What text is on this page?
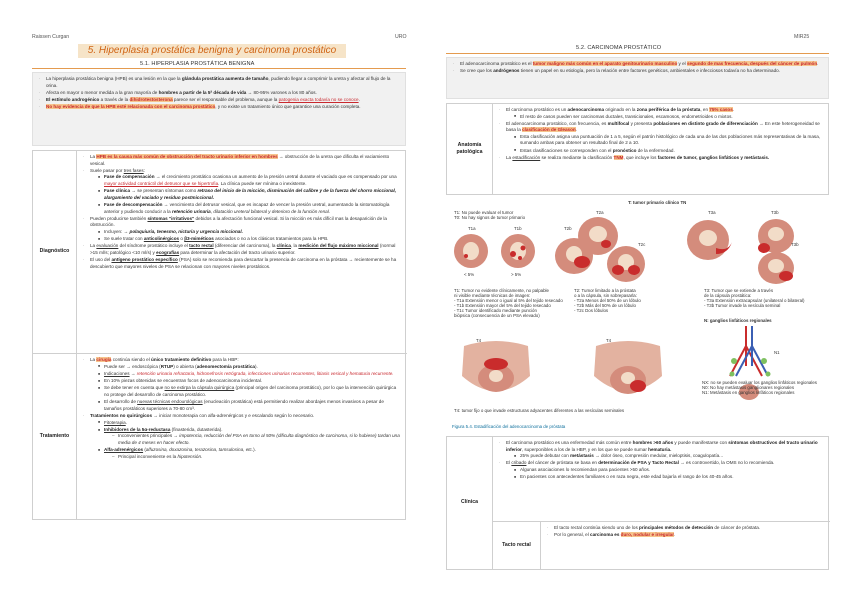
Raissen Curgan	URO
5. Hiperplasia prostática benigna y carcinoma prostático
5.1. HIPERPLASIA PROSTÁTICA BENIGNA
· La hiperplasia prostática benigna (HPB) es una lesión en la que la glándula prostática aumenta de tamaño, pudiendo llegar a comprimir la uretra y afectar al flujo de la orina.
· Afecta en mayor o menor medida a la gran mayoría de hombres a partir de la 5ª década de vida → 80-95% varones a los 80 años.
· El estímulo androgénico a través de la dihidrotestosterona parece ser el responsable del problema, aunque la patogenia exacta todavía no se conoce.
· No hay evidencia de que la HPB esté relacionada con el carcinoma prostático, y no existe un tratamiento único que garantice una curación completa.
Diagnóstico
· La HPB es la causa más común de obstrucción del tracto urinario inferior en hombres → obstrucción de la uretra que dificulta el vaciamiento vesical.
· Suele pasar por tres fases:
■ Fase de compensación → el crecimiento prostático ocasiona un aumento de la presión uretral durante el vaciado que es compensado por una mayor actividad contráctil del detrusor que se hipertrofia. La clínica puede ser mínima o inexistente.
■ Fase clínica → se presentan síntomas como retraso del inicio de la micción, disminución del calibre y de la fuerza del chorro miccional, alargamiento del vaciado y residuo postmiccional.
■ Fase de descompensación → vencimiento del detrusor vesical, que es incapaz de vencer la presión uretral, aumentando la sintomatología anterior y pudiendo conducir a la retención urinaria, dilatación ureteral bilateral y deterioro de la función renal.
· Pueden producirse también síntomas "irritativos" debidos a la afectación funcional vesical. Si la micción es más difícil mas la desaparición de la obstrucción.
■ Incluyen: → polaquiuria, tenesmo, nicturia y urgencia miccional.
■ Se suele tratar con anticolinérgicos o β3-miméticos asociados o no a los clásicos tratamientos para la HPB.
· La evaluación del síndrome prostático incluye el tacto rectal (diferenciar del carcinoma), la clínica, la medición del flujo máximo miccional (normal >15 ml/s; patológico <10 ml/s) y ecografías para determinar la afectación del tracto urinario superior.
· El uso del antígeno prostático específico (PSA) solo se recomienda para descartar la presencia de carcinoma en la próstata → recientemente se ha descubierto que mayores niveles de PSA se relacionan con mayores niveles prostáticos.
Tratamiento
· La cirugía continúa siendo el único tratamiento definitivo para la HBP:
■ Puede ser → endoscópica (RTUP) o abierta (adenomectomía prostática).
■ Indicaciones → retención urinaria refractaria, hidronefrosis retrógrada, infecciones urinarias recurrentes, litiasis vesical y hematuria recurrente.
■ En 10% piezas obtenidas se encuentran focos de adenocarcinoma incidental.
■ Se debe tener en cuenta que no se extirpa la cápsula quirúrgica (principal origen del carcinoma prostático), por lo que la intervención quirúrgica no protege del desarrollo de carcinoma prostático.
■ El desarrollo de nuevas técnicas endourológicas (enucleación prostática) está permitiendo realizar abordajes menos invasivos a pesar de tamaños prostáticos superiores a 70-80 cm³.
· Tratamientos no quirúrgicos → iniciar monoterapia con alfa-adrenérgicos y e escalando según lo necesario.
■ Fitoterapia.
■ Inhibidores de la 5α-reductasa (finasterida, dutasterida).
– Inconvenientes principales → impotencia, reducción del PSA en torno al 50% (dificulta diagnóstico de carcinoma, si lo hubiese) tardan una media de 4 meses en hacer efecto.
■ Alfa-adrenérgicos (alfuzosina, doxazosina, terazosina, tamsulosina, etc.).
– Principal inconveniente es la hipotensión.
MIR25
5.2. CARCINOMA PROSTÁTICO
· El adenocarcinoma prostático es el tumor maligno más común en el aparato genitourinario masculino y el segundo de mas frecuencia, después del cáncer de pulmón.
· Se cree que los andrógenos tienen un papel en su etiología, pero la relación entre factores genéticos, ambientales e infecciosos todavía no ha determinado.
Anatomía patológica
· El carcinoma prostático es un adenocarcinoma originado en la zona periférica de la próstata, en 75% casos.
■ El resto de casos pueden ser carcinomas ductales, transicionales, escamosos, endometrioides o mixtos.
· El adenocarcinoma prostático, con frecuencia, es multifocal y presenta poblaciones en distinto grado de diferenciación → En este heterogeneidad se basa la clasificación de Gleason.
■ Esta clasificación asigna una puntuación de 1 a 5, según el patrón histológico de cada una de las dos poblaciones más representativas de la masa, sumando ambas para obtener un resultado final de 2 a 10.
■ Estas clasificaciones se corresponden con el pronóstico de la enfermedad.
· La estadificación se realiza mediante la clasificación TNM, que incluye los factores de tumor, ganglios linfáticos y metástasis.
T: tumor primario clínico TN
T1: No puede evaluar el tumor T0: No hay signos de tumor primario
T1a
< 5%
T1b
> 5%
T2a
T2b
T2c
T3a	T3b
T3b
T1: Tumor no evidente clínicamente, no palpable ni visible mediante técnicas de imagen: - T1a Extensión menor o igual al 5% del tejido resecado - T1b Extensión mayor del 5% del tejido resecado - T1c Tumor identificado mediante punción biópsica (consecuencia de un PSA elevado)
T2: Tumor limitado a la próstata o a la cápsula, sin sobrepasarla: - T2a Menos del 50% de un lóbulo - T2b Más del 50% de un lóbulo - T2c Dos lóbulos
T3: Tumor que se extiende a través de la cápsula prostática: - T3a Extensión extracapsular (unilateral o bilateral) - T3b Tumor invade la vesícula seminal
N: ganglios linfáticos regionales
T4	T4
N1
T4: tumor fijo o que invade estructuras adyacentes diferentes a las vesículas seminales
NX: no se pueden evaluar los ganglios linfáticos regionales N0: No hay metástasis ganglionares regionales N1: Metástasis en ganglios linfáticos regionales
Figura 5.4. Estadificación del adenocarcinoma de próstata
Clínica
· El carcinoma prostático es una enfermedad más común entre hombres >60 años y puede manifestarse con síntomas obstructivos del tracto urinario inferior, superponibles a los de la HBP, y en los que se puede sumar hematuria.
■ 25% puede debutar con metástasis → dolor óseo, compresión medular, mieloptisis, coagulopatía...
· El cribado del cáncer de próstata se basa en determinación de PSA y Tacto Rectal → es controvertido, la OMS no lo recomienda.
■ Algunas asociaciones lo recomiendan para pacientes >50 años.
■ En pacientes con antecedentes familiares o en raza negra, este edad bajaría el rango de los 40-45 años.
Tacto rectal
· El tacto rectal continúa siendo uno de los principales métodos de detección de cáncer de próstata.
· Por lo general, el carcinoma es duro, nodular e irregular.
